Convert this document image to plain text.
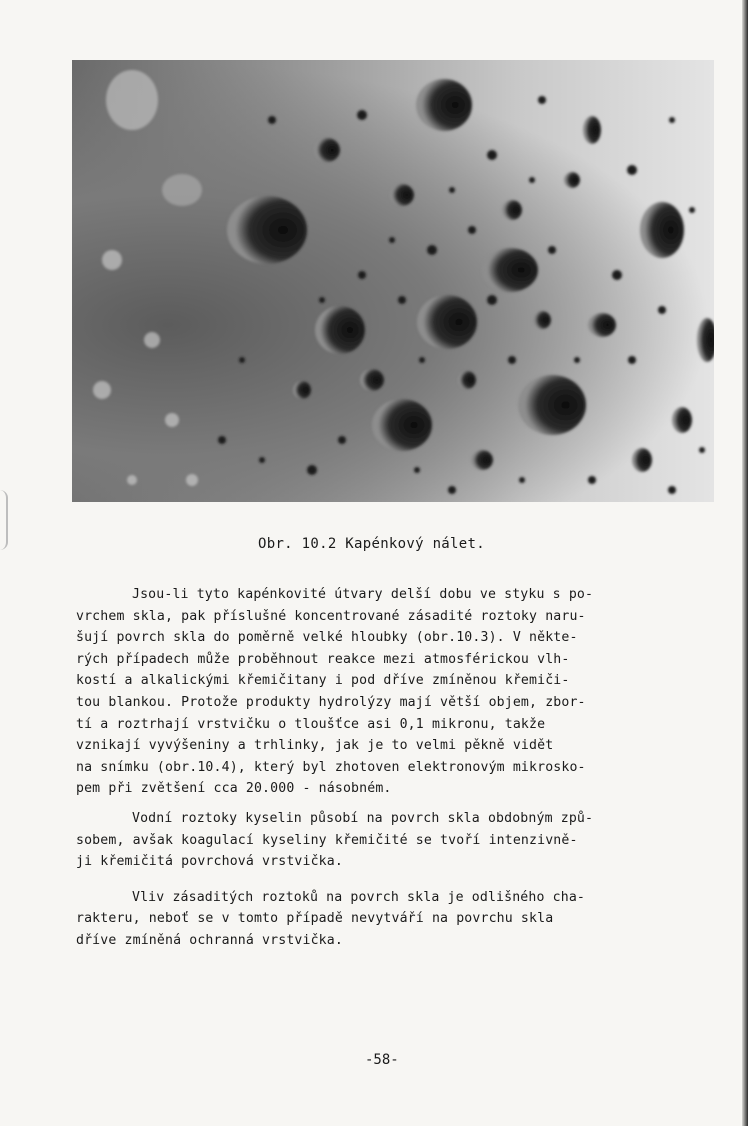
Obr. 10.2 Kapénkový nálet.

Jsou-li tyto kapénkovité útvary delší dobu ve styku s po-
vrchem skla, pak příslušné koncentrované zásadité roztoky naru-
šují povrch skla do poměrně velké hloubky (obr.10.3). V někte-
rých případech může proběhnout reakce mezi atmosférickou vlh-
kostí a alkalickými křemičitany i pod dříve zmíněnou křemiči-
tou blankou. Protože produkty hydrolýzy mají větší objem, zbor-
tí a roztrhají vrstvičku o tloušťce asi 0,1 mikronu, takže
vznikají vyvýšeniny a trhlinky, jak je to velmi pěkně vidět
na snímku (obr.10.4), který byl zhotoven elektronovým mikrosko-
pem při zvětšení cca 20.000 - násobném.

Vodní roztoky kyselin působí na povrch skla obdobným způ-
sobem, avšak koagulací kyseliny křemičité se tvoří intenzivně-
ji křemičitá povrchová vrstvička.

Vliv zásaditých roztoků na povrch skla je odlišného cha-
rakteru, neboť se v tomto případě nevytváří na povrchu skla
dříve zmíněná ochranná vrstvička.

-58-
